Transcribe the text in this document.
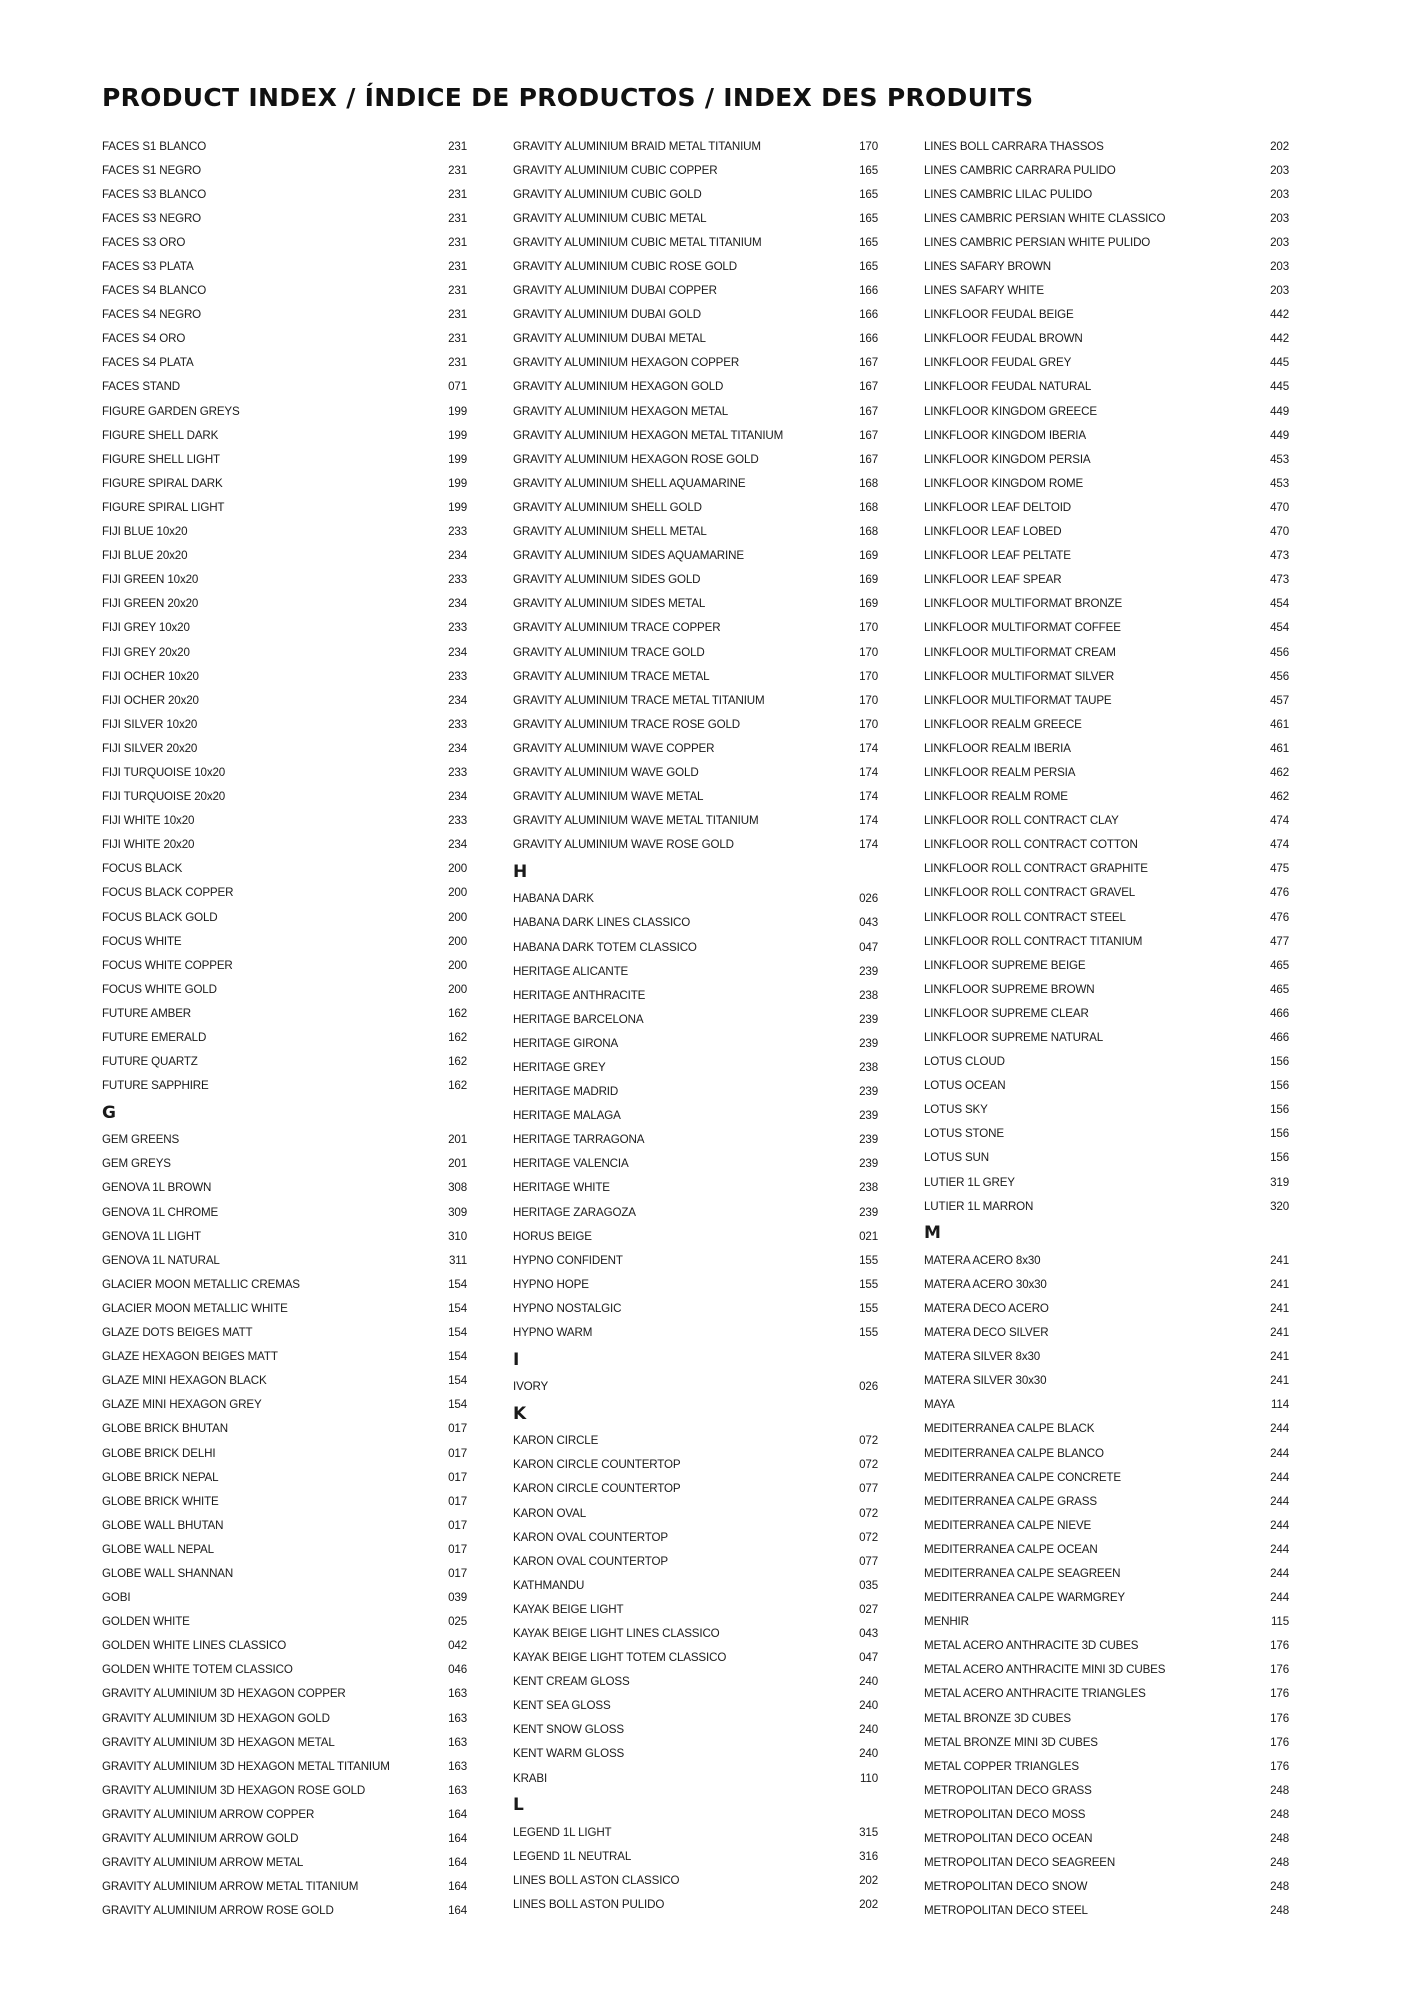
PRODUCT INDEX / ÍNDICE DE PRODUCTOS / INDEX DES PRODUITS
FACES S1 BLANCO	231
FACES S1 NEGRO	231
FACES S3 BLANCO	231
FACES S3 NEGRO	231
FACES S3 ORO	231
FACES S3 PLATA	231
FACES S4 BLANCO	231
FACES S4 NEGRO	231
FACES S4 ORO	231
FACES S4 PLATA	231
FACES STAND	071
FIGURE GARDEN GREYS	199
FIGURE SHELL DARK	199
FIGURE SHELL LIGHT	199
FIGURE SPIRAL DARK	199
FIGURE SPIRAL LIGHT	199
FIJI BLUE 10x20	233
FIJI BLUE 20x20	234
FIJI GREEN 10x20	233
FIJI GREEN 20x20	234
FIJI GREY 10x20	233
FIJI GREY 20x20	234
FIJI OCHER 10x20	233
FIJI OCHER 20x20	234
FIJI SILVER 10x20	233
FIJI SILVER 20x20	234
FIJI TURQUOISE 10x20	233
FIJI TURQUOISE 20x20	234
FIJI WHITE 10x20	233
FIJI WHITE 20x20	234
FOCUS BLACK	200
FOCUS BLACK COPPER	200
FOCUS BLACK GOLD	200
FOCUS WHITE	200
FOCUS WHITE COPPER	200
FOCUS WHITE GOLD	200
FUTURE AMBER	162
FUTURE EMERALD	162
FUTURE QUARTZ	162
FUTURE SAPPHIRE	162
G
GEM GREENS	201
GEM GREYS	201
GENOVA 1L BROWN	308
GENOVA 1L CHROME	309
GENOVA 1L LIGHT	310
GENOVA 1L NATURAL	311
GLACIER MOON METALLIC CREMAS	154
GLACIER MOON METALLIC WHITE	154
GLAZE DOTS BEIGES MATT	154
GLAZE HEXAGON BEIGES MATT	154
GLAZE MINI HEXAGON BLACK	154
GLAZE MINI HEXAGON GREY	154
GLOBE BRICK BHUTAN	017
GLOBE BRICK DELHI	017
GLOBE BRICK NEPAL	017
GLOBE BRICK WHITE	017
GLOBE WALL BHUTAN	017
GLOBE WALL NEPAL	017
GLOBE WALL SHANNAN	017
GOBI	039
GOLDEN WHITE	025
GOLDEN WHITE LINES CLASSICO	042
GOLDEN WHITE TOTEM CLASSICO	046
GRAVITY ALUMINIUM 3D HEXAGON COPPER	163
GRAVITY ALUMINIUM 3D HEXAGON GOLD	163
GRAVITY ALUMINIUM 3D HEXAGON METAL	163
GRAVITY ALUMINIUM 3D HEXAGON METAL TITANIUM	163
GRAVITY ALUMINIUM 3D HEXAGON ROSE GOLD	163
GRAVITY ALUMINIUM ARROW COPPER	164
GRAVITY ALUMINIUM ARROW GOLD	164
GRAVITY ALUMINIUM ARROW METAL	164
GRAVITY ALUMINIUM ARROW METAL TITANIUM	164
GRAVITY ALUMINIUM ARROW ROSE GOLD	164
GRAVITY ALUMINIUM BRAID METAL TITANIUM	170
GRAVITY ALUMINIUM CUBIC COPPER	165
GRAVITY ALUMINIUM CUBIC GOLD	165
GRAVITY ALUMINIUM CUBIC METAL	165
GRAVITY ALUMINIUM CUBIC METAL TITANIUM	165
GRAVITY ALUMINIUM CUBIC ROSE GOLD	165
GRAVITY ALUMINIUM DUBAI COPPER	166
GRAVITY ALUMINIUM DUBAI GOLD	166
GRAVITY ALUMINIUM DUBAI METAL	166
GRAVITY ALUMINIUM HEXAGON COPPER	167
GRAVITY ALUMINIUM HEXAGON GOLD	167
GRAVITY ALUMINIUM HEXAGON METAL	167
GRAVITY ALUMINIUM HEXAGON METAL TITANIUM	167
GRAVITY ALUMINIUM HEXAGON ROSE GOLD	167
GRAVITY ALUMINIUM SHELL AQUAMARINE	168
GRAVITY ALUMINIUM SHELL GOLD	168
GRAVITY ALUMINIUM SHELL METAL	168
GRAVITY ALUMINIUM SIDES AQUAMARINE	169
GRAVITY ALUMINIUM SIDES GOLD	169
GRAVITY ALUMINIUM SIDES METAL	169
GRAVITY ALUMINIUM TRACE COPPER	170
GRAVITY ALUMINIUM TRACE GOLD	170
GRAVITY ALUMINIUM TRACE METAL	170
GRAVITY ALUMINIUM TRACE METAL TITANIUM	170
GRAVITY ALUMINIUM TRACE ROSE GOLD	170
GRAVITY ALUMINIUM WAVE COPPER	174
GRAVITY ALUMINIUM WAVE GOLD	174
GRAVITY ALUMINIUM WAVE METAL	174
GRAVITY ALUMINIUM WAVE METAL TITANIUM	174
GRAVITY ALUMINIUM WAVE ROSE GOLD	174
H
HABANA DARK	026
HABANA DARK LINES CLASSICO	043
HABANA DARK TOTEM CLASSICO	047
HERITAGE ALICANTE	239
HERITAGE ANTHRACITE	238
HERITAGE BARCELONA	239
HERITAGE GIRONA	239
HERITAGE GREY	238
HERITAGE MADRID	239
HERITAGE MALAGA	239
HERITAGE TARRAGONA	239
HERITAGE VALENCIA	239
HERITAGE WHITE	238
HERITAGE ZARAGOZA	239
HORUS BEIGE	021
HYPNO CONFIDENT	155
HYPNO HOPE	155
HYPNO NOSTALGIC	155
HYPNO WARM	155
I
IVORY	026
K
KARON CIRCLE	072
KARON CIRCLE COUNTERTOP	072
KARON CIRCLE COUNTERTOP	077
KARON OVAL	072
KARON OVAL COUNTERTOP	072
KARON OVAL COUNTERTOP	077
KATHMANDU	035
KAYAK BEIGE LIGHT	027
KAYAK BEIGE LIGHT LINES CLASSICO	043
KAYAK BEIGE LIGHT TOTEM CLASSICO	047
KENT CREAM GLOSS	240
KENT SEA GLOSS	240
KENT SNOW GLOSS	240
KENT WARM GLOSS	240
KRABI	110
L
LEGEND 1L LIGHT	315
LEGEND 1L NEUTRAL	316
LINES BOLL ASTON CLASSICO	202
LINES BOLL ASTON PULIDO	202
LINES BOLL CARRARA THASSOS	202
LINES CAMBRIC CARRARA PULIDO	203
LINES CAMBRIC LILAC PULIDO	203
LINES CAMBRIC PERSIAN WHITE CLASSICO	203
LINES CAMBRIC PERSIAN WHITE PULIDO	203
LINES SAFARY BROWN	203
LINES SAFARY WHITE	203
LINKFLOOR FEUDAL BEIGE	442
LINKFLOOR FEUDAL BROWN	442
LINKFLOOR FEUDAL GREY	445
LINKFLOOR FEUDAL NATURAL	445
LINKFLOOR KINGDOM GREECE	449
LINKFLOOR KINGDOM IBERIA	449
LINKFLOOR KINGDOM PERSIA	453
LINKFLOOR KINGDOM ROME	453
LINKFLOOR LEAF DELTOID	470
LINKFLOOR LEAF LOBED	470
LINKFLOOR LEAF PELTATE	473
LINKFLOOR LEAF SPEAR	473
LINKFLOOR MULTIFORMAT BRONZE	454
LINKFLOOR MULTIFORMAT COFFEE	454
LINKFLOOR MULTIFORMAT CREAM	456
LINKFLOOR MULTIFORMAT SILVER	456
LINKFLOOR MULTIFORMAT TAUPE	457
LINKFLOOR REALM GREECE	461
LINKFLOOR REALM IBERIA	461
LINKFLOOR REALM PERSIA	462
LINKFLOOR REALM ROME	462
LINKFLOOR ROLL CONTRACT CLAY	474
LINKFLOOR ROLL CONTRACT COTTON	474
LINKFLOOR ROLL CONTRACT GRAPHITE	475
LINKFLOOR ROLL CONTRACT GRAVEL	476
LINKFLOOR ROLL CONTRACT STEEL	476
LINKFLOOR ROLL CONTRACT TITANIUM	477
LINKFLOOR SUPREME BEIGE	465
LINKFLOOR SUPREME BROWN	465
LINKFLOOR SUPREME CLEAR	466
LINKFLOOR SUPREME NATURAL	466
LOTUS CLOUD	156
LOTUS OCEAN	156
LOTUS SKY	156
LOTUS STONE	156
LOTUS SUN	156
LUTIER 1L GREY	319
LUTIER 1L MARRON	320
M
MATERA ACERO 8x30	241
MATERA ACERO 30x30	241
MATERA DECO ACERO	241
MATERA DECO SILVER	241
MATERA SILVER 8x30	241
MATERA SILVER 30x30	241
MAYA	114
MEDITERRANEA CALPE BLACK	244
MEDITERRANEA CALPE BLANCO	244
MEDITERRANEA CALPE CONCRETE	244
MEDITERRANEA CALPE GRASS	244
MEDITERRANEA CALPE NIEVE	244
MEDITERRANEA CALPE OCEAN	244
MEDITERRANEA CALPE SEAGREEN	244
MEDITERRANEA CALPE WARMGREY	244
MENHIR	115
METAL ACERO ANTHRACITE 3D CUBES	176
METAL ACERO ANTHRACITE MINI 3D CUBES	176
METAL ACERO ANTHRACITE TRIANGLES	176
METAL BRONZE 3D CUBES	176
METAL BRONZE MINI 3D CUBES	176
METAL COPPER TRIANGLES	176
METROPOLITAN DECO GRASS	248
METROPOLITAN DECO MOSS	248
METROPOLITAN DECO OCEAN	248
METROPOLITAN DECO SEAGREEN	248
METROPOLITAN DECO SNOW	248
METROPOLITAN DECO STEEL	248
